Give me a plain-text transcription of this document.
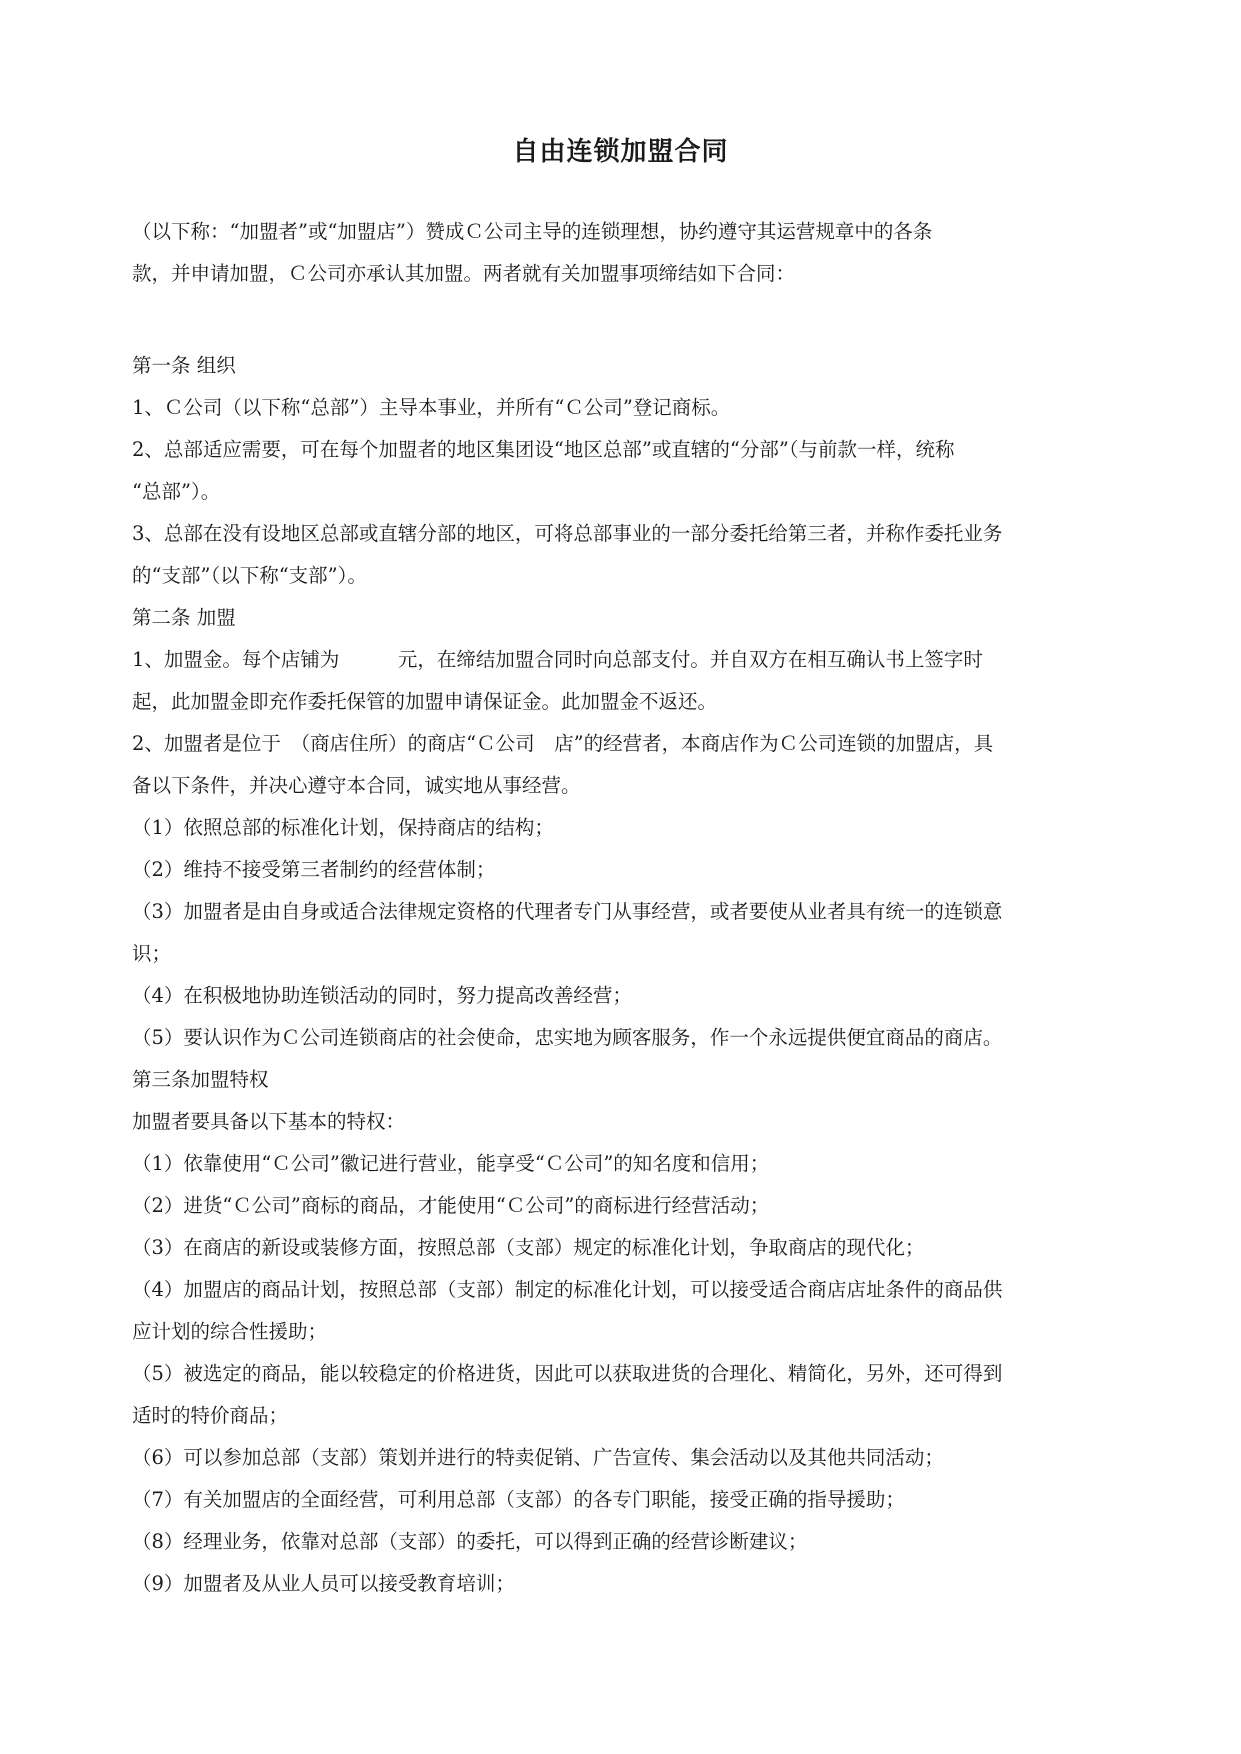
自由连锁加盟合同
（以下称：“加盟者”或“加盟店”）赞成Ｃ公司主导的连锁理想，协约遵守其运营规章中的各条
款，并申请加盟，Ｃ公司亦承认其加盟。两者就有关加盟事项缔结如下合同：
第一条 组织
1、Ｃ公司（以下称“总部”）主导本事业，并所有“Ｃ公司”登记商标。
2、总部适应需要，可在每个加盟者的地区集团设“地区总部”或直辖的“分部”（与前款一样，统称
“总部”）。
3、总部在没有设地区总部或直辖分部的地区，可将总部事业的一部分委托给第三者，并称作委托业务
的“支部”（以下称“支部”）。
第二条 加盟
1、加盟金。每个店铺为　　　元，在缔结加盟合同时向总部支付。并自双方在相互确认书上签字时
起，此加盟金即充作委托保管的加盟申请保证金。此加盟金不返还。
2、加盟者是位于　（商店住所）的商店“Ｃ公司　店”的经营者，本商店作为Ｃ公司连锁的加盟店，具
备以下条件，并决心遵守本合同，诚实地从事经营。
（1）依照总部的标准化计划，保持商店的结构；
（2）维持不接受第三者制约的经营体制；
（3）加盟者是由自身或适合法律规定资格的代理者专门从事经营，或者要使从业者具有统一的连锁意
识；
（4）在积极地协助连锁活动的同时，努力提高改善经营；
（5）要认识作为Ｃ公司连锁商店的社会使命，忠实地为顾客服务，作一个永远提供便宜商品的商店。
第三条加盟特权
加盟者要具备以下基本的特权：
（1）依靠使用“Ｃ公司”徽记进行营业，能享受“Ｃ公司”的知名度和信用；
（2）进货“Ｃ公司”商标的商品，才能使用“Ｃ公司”的商标进行经营活动；
（3）在商店的新设或装修方面，按照总部（支部）规定的标准化计划，争取商店的现代化；
（4）加盟店的商品计划，按照总部（支部）制定的标准化计划，可以接受适合商店店址条件的商品供
应计划的综合性援助；
（5）被选定的商品，能以较稳定的价格进货，因此可以获取进货的合理化、精简化，另外，还可得到
适时的特价商品；
（6）可以参加总部（支部）策划并进行的特卖促销、广告宣传、集会活动以及其他共同活动；
（7）有关加盟店的全面经营，可利用总部（支部）的各专门职能，接受正确的指导援助；
（8）经理业务，依靠对总部（支部）的委托，可以得到正确的经营诊断建议；
（9）加盟者及从业人员可以接受教育培训；
